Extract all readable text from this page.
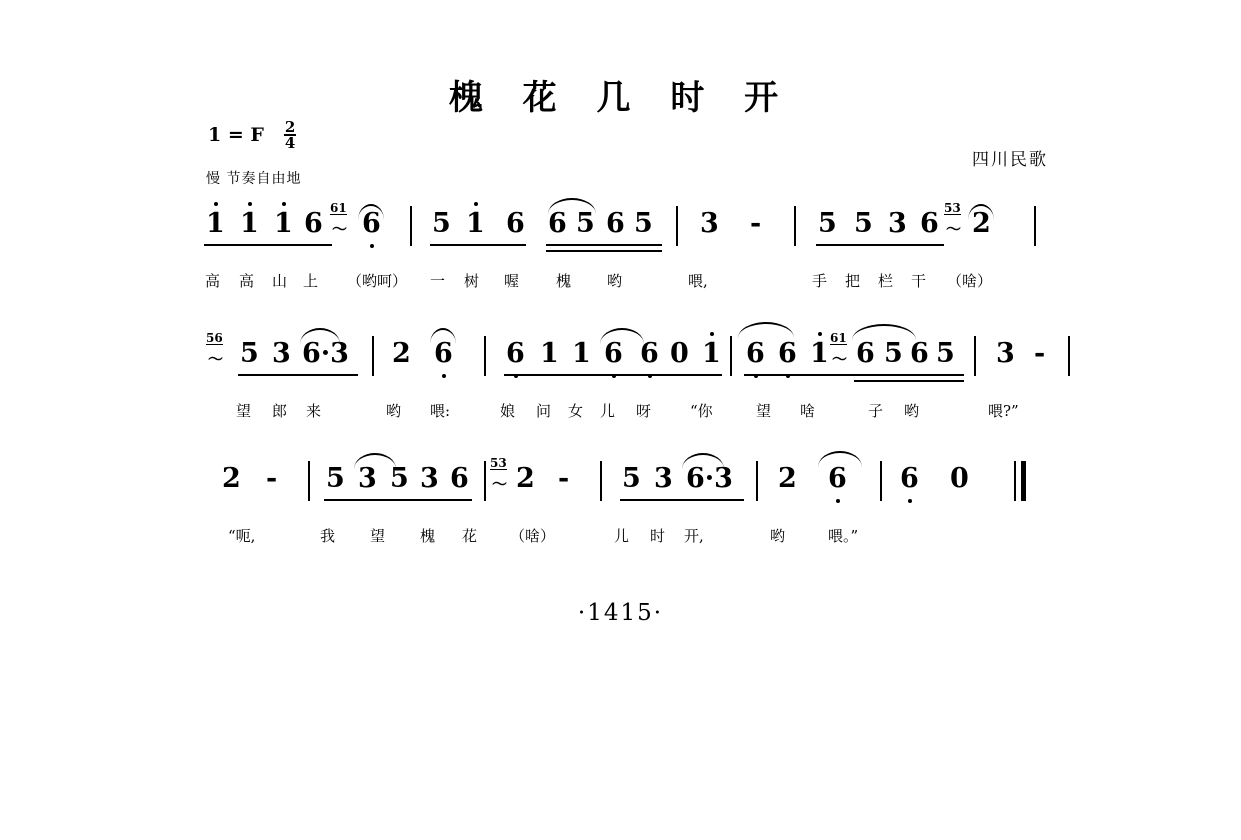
槐 花 几 时 开
1 = F $\frac{2}{4}$
慢 节奏自由地
四川民歌
1 1 1 6 61
〜 6 5 1 6 6 5 6 5 3 - 5 5 3 6 53
〜 2
高 高 山 上 （哟呵） 一 树 喔 槐 哟	喂,	手 把 栏 干 （啥）
56
〜 5 3 6·3 2 6 6 1 1 6 6 0 1 6 6 1 61
〜 6 5 6 5 3 -
望 郎 来	哟 喂:	娘 问 女 儿 呀	“你	望 啥	子 哟	喂?”
2 - 5 3 5 3 6 53
〜 2 - 5 3 6·3 2 6 6 0
“呃,	我 望 槐 花 （啥）	儿 时 开,	哟	喂。”
·1415·
